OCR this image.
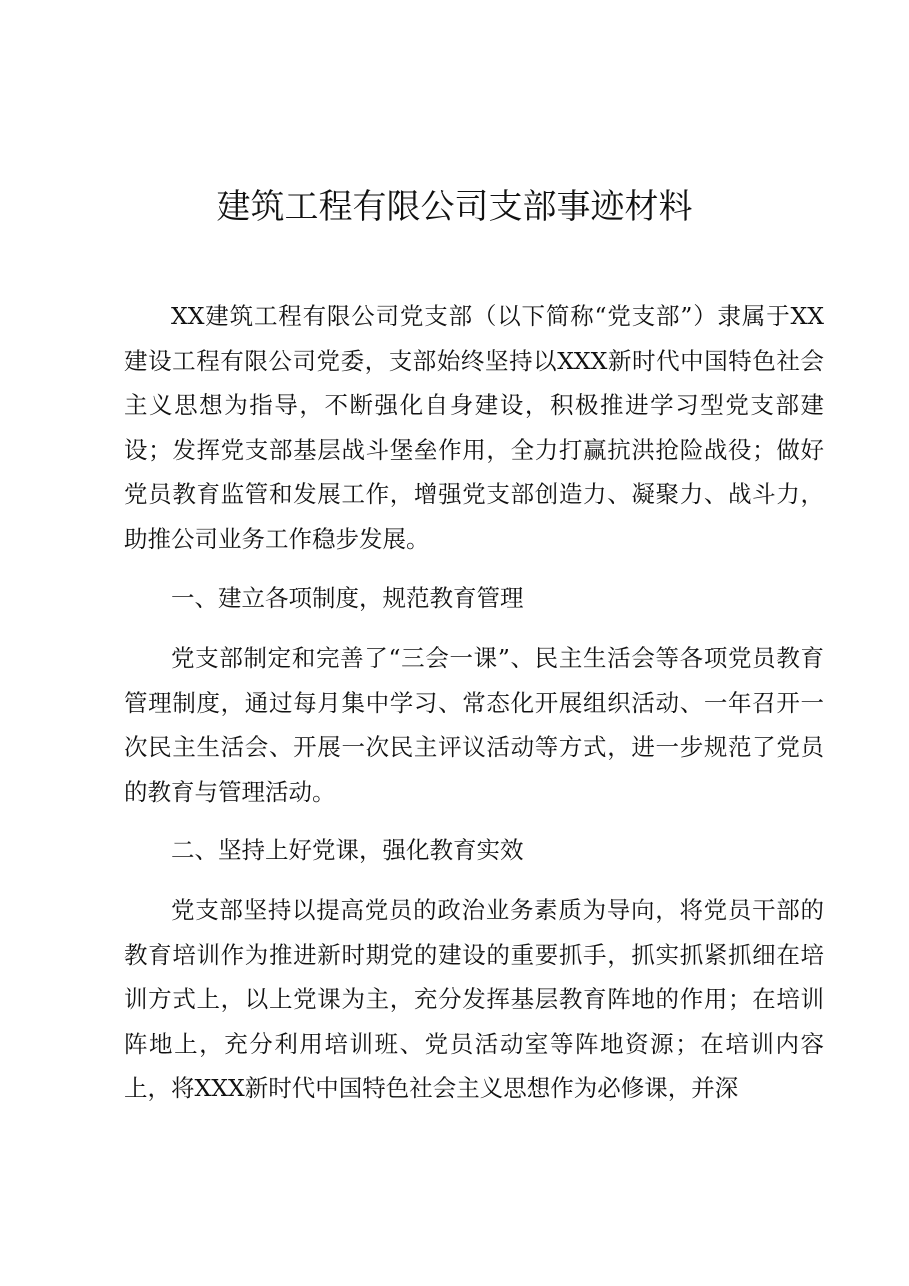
建筑工程有限公司支部事迹材料

XX建筑工程有限公司党支部（以下简称“党支部”）隶属于XX建设工程有限公司党委，支部始终坚持以XXX新时代中国特色社会主义思想为指导，不断强化自身建设，积极推进学习型党支部建设；发挥党支部基层战斗堡垒作用，全力打赢抗洪抢险战役；做好党员教育监管和发展工作，增强党支部创造力、凝聚力、战斗力，助推公司业务工作稳步发展。

一、建立各项制度，规范教育管理

党支部制定和完善了“三会一课”、民主生活会等各项党员教育管理制度，通过每月集中学习、常态化开展组织活动、一年召开一次民主生活会、开展一次民主评议活动等方式，进一步规范了党员的教育与管理活动。

二、坚持上好党课，强化教育实效

党支部坚持以提高党员的政治业务素质为导向，将党员干部的教育培训作为推进新时期党的建设的重要抓手，抓实抓紧抓细在培训方式上，以上党课为主，充分发挥基层教育阵地的作用；在培训阵地上，充分利用培训班、党员活动室等阵地资源；在培训内容上，将XXX新时代中国特色社会主义思想作为必修课，并深
